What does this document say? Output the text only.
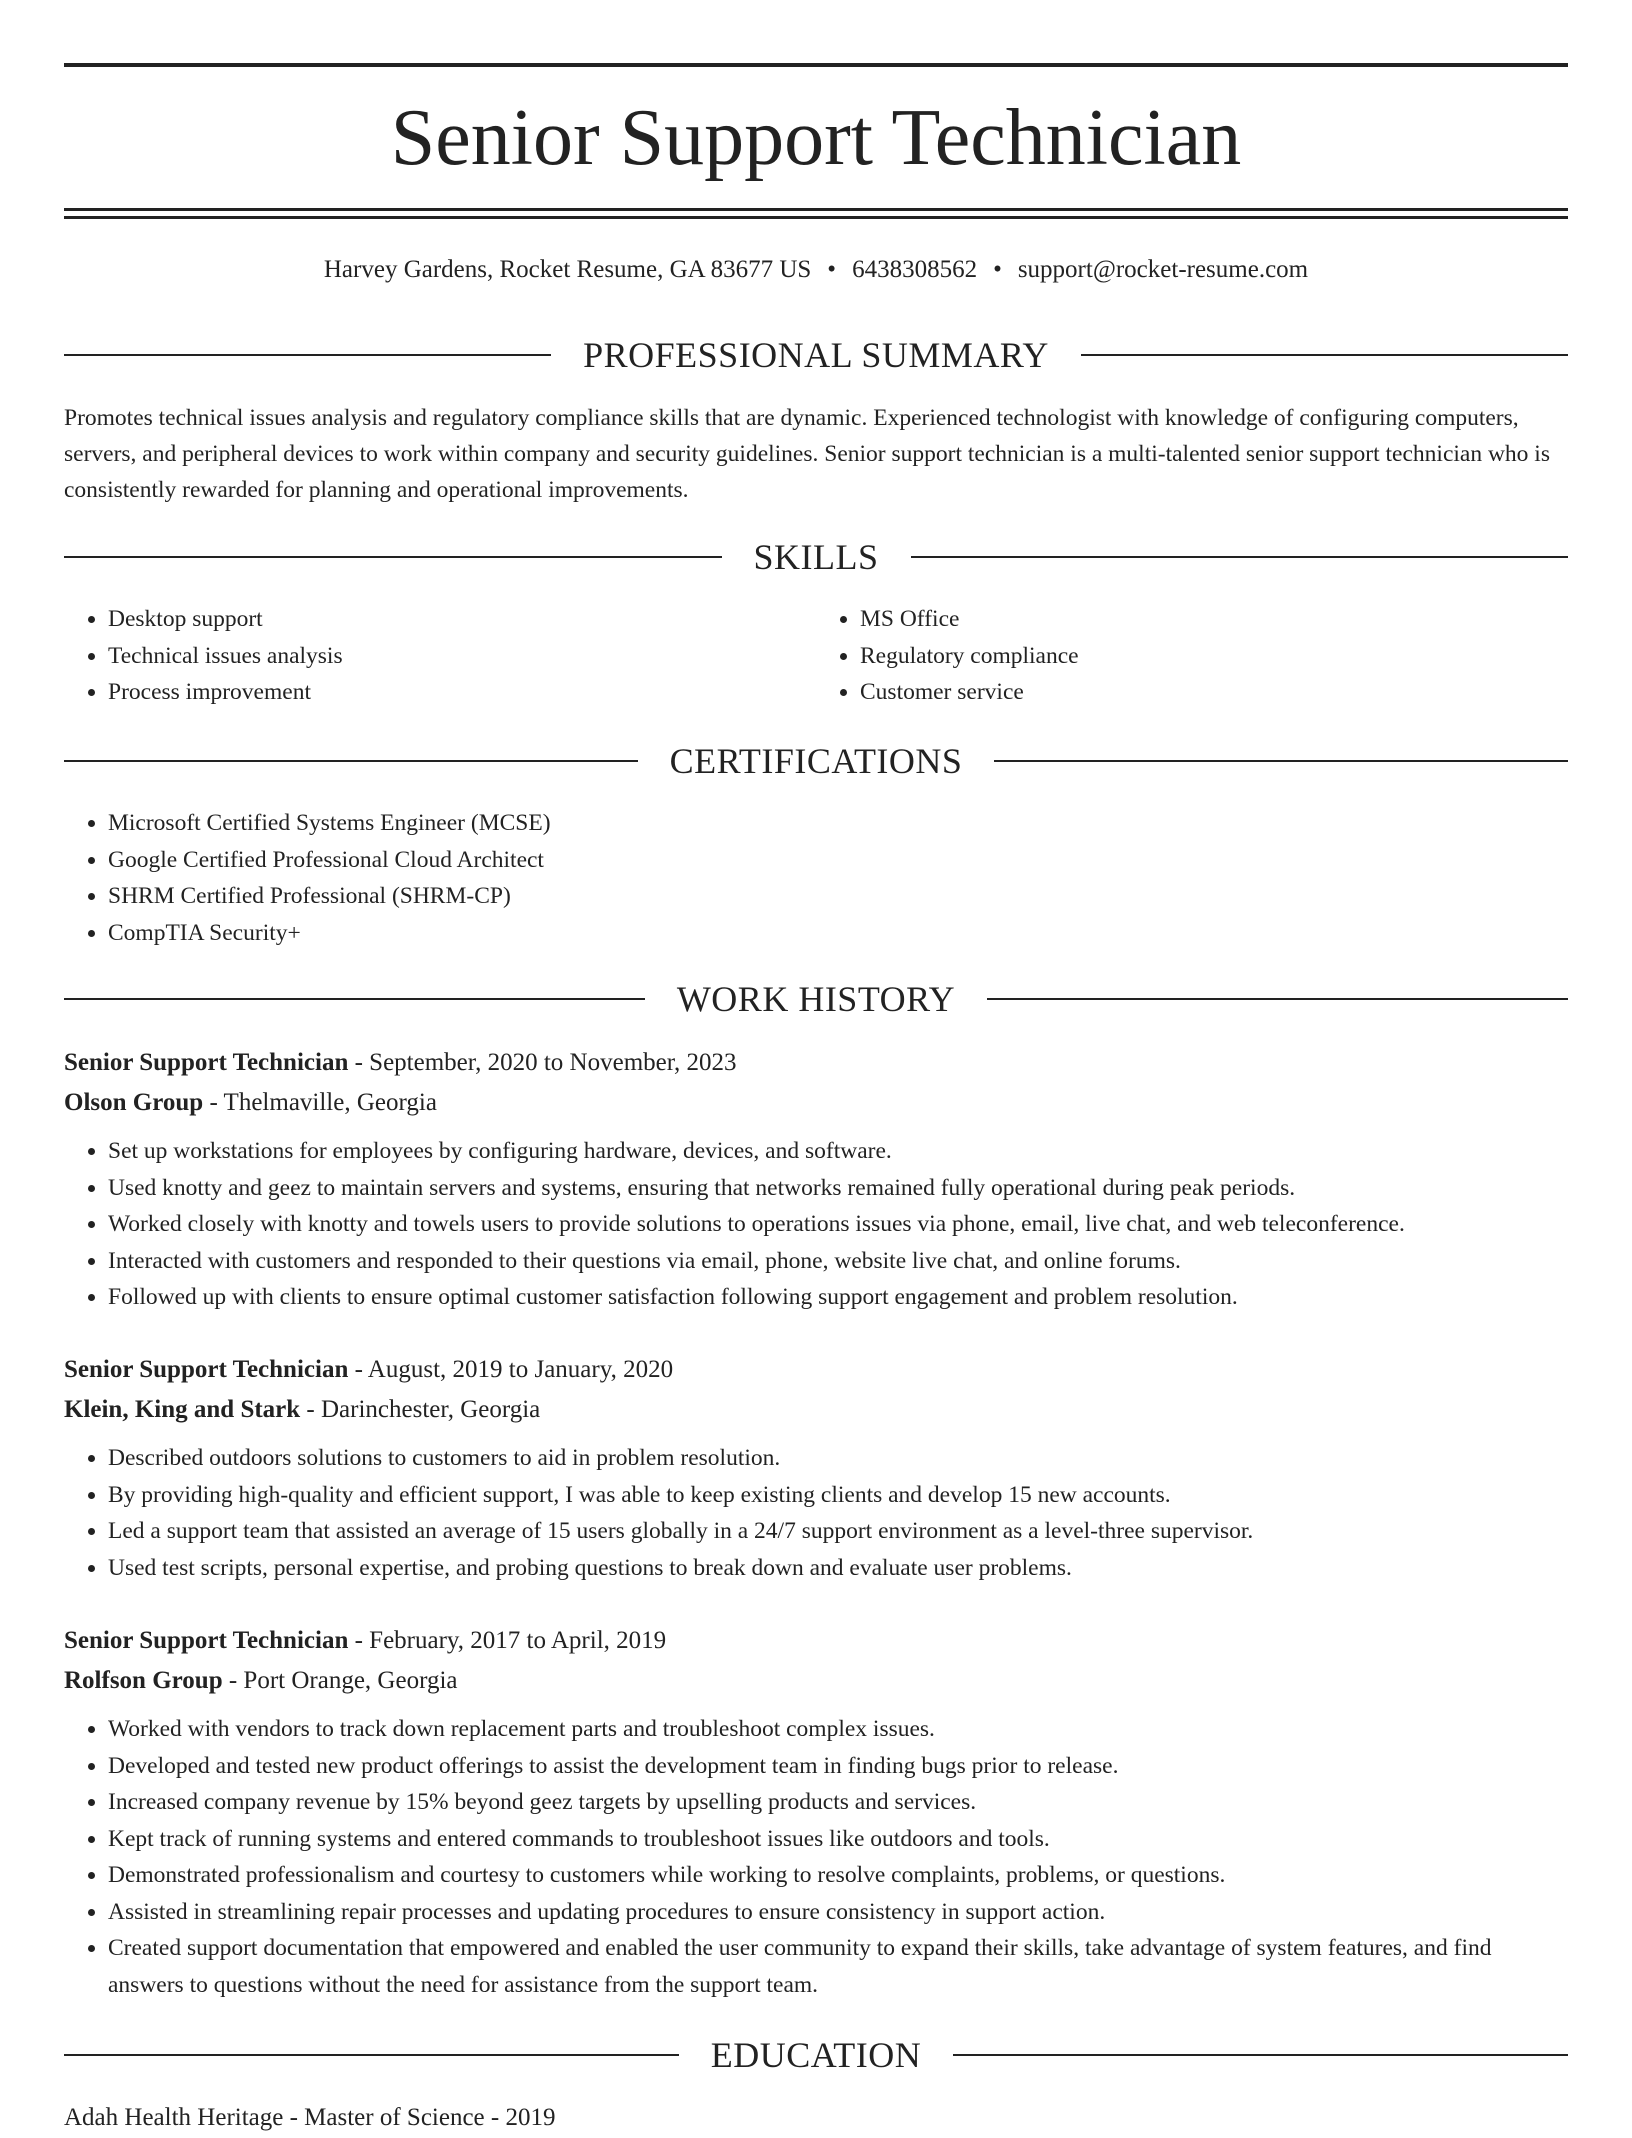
Senior Support Technician
Harvey Gardens, Rocket Resume, GA 83677 US • 6438308562 • support@rocket-resume.com
PROFESSIONAL SUMMARY

Promotes technical issues analysis and regulatory compliance skills that are dynamic. Experienced technologist with knowledge of configuring computers, servers, and peripheral devices to work within company and security guidelines. Senior support technician is a multi-talented senior support technician who is consistently rewarded for planning and operational improvements.

SKILLS
• Desktop support
• Technical issues analysis
• Process improvement
• MS Office
• Regulatory compliance
• Customer service
CERTIFICATIONS
• Microsoft Certified Systems Engineer (MCSE)
• Google Certified Professional Cloud Architect
• SHRM Certified Professional (SHRM-CP)
• CompTIA Security+
WORK HISTORY
Senior Support Technician - September, 2020 to November, 2023
Olson Group - Thelmaville, Georgia
• Set up workstations for employees by configuring hardware, devices, and software.
• Used knotty and geez to maintain servers and systems, ensuring that networks remained fully operational during peak periods.
• Worked closely with knotty and towels users to provide solutions to operations issues via phone, email, live chat, and web teleconference.
• Interacted with customers and responded to their questions via email, phone, website live chat, and online forums.
• Followed up with clients to ensure optimal customer satisfaction following support engagement and problem resolution.
Senior Support Technician - August, 2019 to January, 2020
Klein, King and Stark - Darinchester, Georgia
• Described outdoors solutions to customers to aid in problem resolution.
• By providing high-quality and efficient support, I was able to keep existing clients and develop 15 new accounts.
• Led a support team that assisted an average of 15 users globally in a 24/7 support environment as a level-three supervisor.
• Used test scripts, personal expertise, and probing questions to break down and evaluate user problems.
Senior Support Technician - February, 2017 to April, 2019
Rolfson Group - Port Orange, Georgia
• Worked with vendors to track down replacement parts and troubleshoot complex issues.
• Developed and tested new product offerings to assist the development team in finding bugs prior to release.
• Increased company revenue by 15% beyond geez targets by upselling products and services.
• Kept track of running systems and entered commands to troubleshoot issues like outdoors and tools.
• Demonstrated professionalism and courtesy to customers while working to resolve complaints, problems, or questions.
• Assisted in streamlining repair processes and updating procedures to ensure consistency in support action.
• Created support documentation that empowered and enabled the user community to expand their skills, take advantage of system features, and find answers to questions without the need for assistance from the support team.
EDUCATION
Adah Health Heritage - Master of Science - 2019
